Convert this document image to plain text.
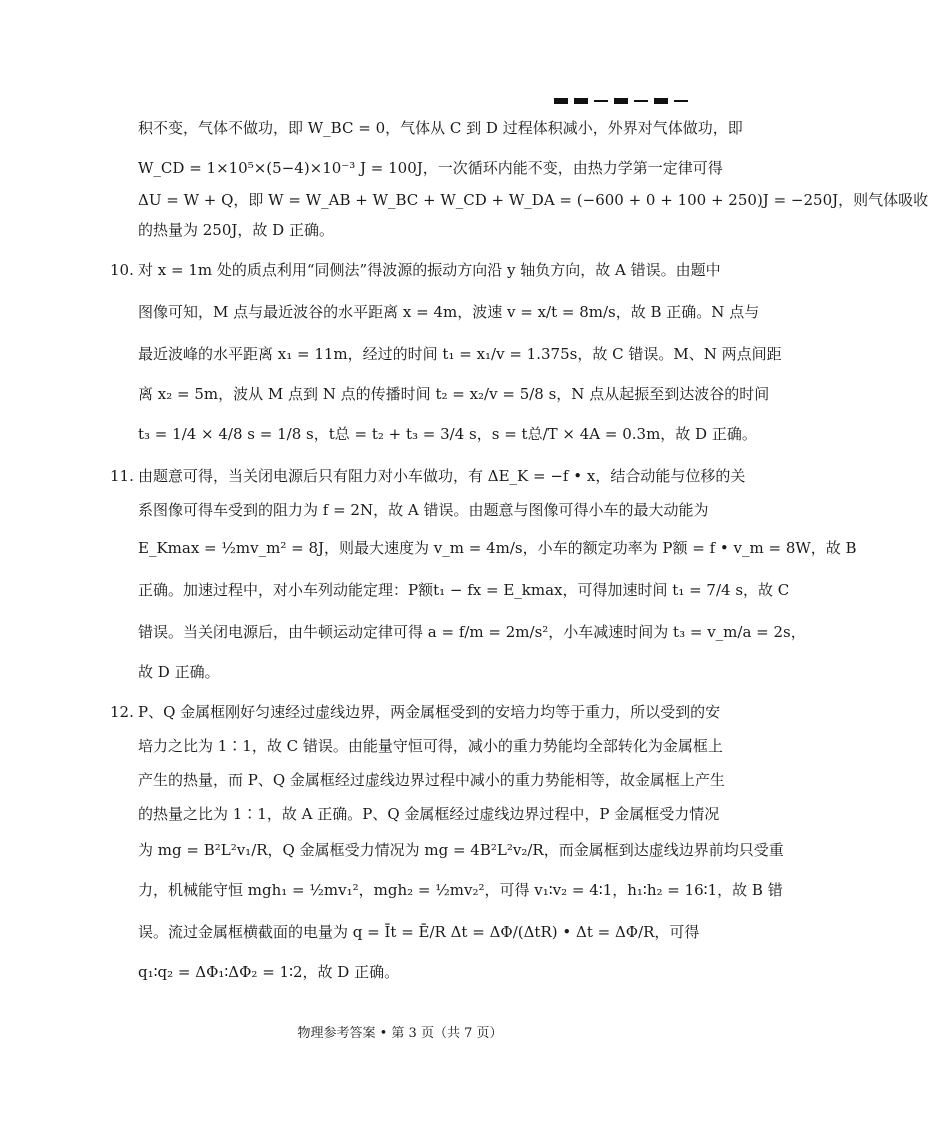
积不变，气体不做功，即 W_BC = 0，气体从 C 到 D 过程体积减小，外界对气体做功，即
W_CD = 1×10⁵×(5−4)×10⁻³ J = 100J，一次循环内能不变，由热力学第一定律可得
ΔU = W + Q，即 W = W_AB + W_BC + W_CD + W_DA = (−600 + 0 + 100 + 250)J = −250J，则气体吸收
的热量为 250J，故 D 正确。
10. 对 x = 1m 处的质点利用“同侧法”得波源的振动方向沿 y 轴负方向，故 A 错误。由题中
图像可知，M 点与最近波谷的水平距离 x = 4m，波速 v = x/t = 8m/s，故 B 正确。N 点与
最近波峰的水平距离 x₁ = 11m，经过的时间 t₁ = x₁/v = 1.375s，故 C 错误。M、N 两点间距
离 x₂ = 5m，波从 M 点到 N 点的传播时间 t₂ = x₂/v = 5/8 s，N 点从起振至到达波谷的时间
t₃ = 1/4 × 4/8 s = 1/8 s，t总 = t₂ + t₃ = 3/4 s，s = t总/T × 4A = 0.3m，故 D 正确。
11. 由题意可得，当关闭电源后只有阻力对小车做功，有 ΔE_K = −f • x，结合动能与位移的关
系图像可得车受到的阻力为 f = 2N，故 A 错误。由题意与图像可得小车的最大动能为
E_Kmax = ½mv_m² = 8J，则最大速度为 v_m = 4m/s，小车的额定功率为 P额 = f • v_m = 8W，故 B
正确。加速过程中，对小车列动能定理：P额t₁ − fx = E_kmax，可得加速时间 t₁ = 7/4 s，故 C
错误。当关闭电源后，由牛顿运动定律可得 a = f/m = 2m/s²，小车减速时间为 t₃ = v_m/a = 2s，
故 D 正确。
12. P、Q 金属框刚好匀速经过虚线边界，两金属框受到的安培力均等于重力，所以受到的安
培力之比为 1∶1，故 C 错误。由能量守恒可得，减小的重力势能均全部转化为金属框上
产生的热量，而 P、Q 金属框经过虚线边界过程中减小的重力势能相等，故金属框上产生
的热量之比为 1∶1，故 A 正确。P、Q 金属框经过虚线边界过程中，P 金属框受力情况
为 mg = B²L²v₁/R，Q 金属框受力情况为 mg = 4B²L²v₂/R，而金属框到达虚线边界前均只受重
力，机械能守恒 mgh₁ = ½mv₁²，mgh₂ = ½mv₂²，可得 v₁∶v₂ = 4∶1，h₁∶h₂ = 16∶1，故 B 错
误。流过金属框横截面的电量为 q = Īt = Ē/R Δt = ΔΦ/(ΔtR) • Δt = ΔΦ/R，可得
q₁∶q₂ = ΔΦ₁∶ΔΦ₂ = 1∶2，故 D 正确。
物理参考答案 • 第 3 页（共 7 页）
